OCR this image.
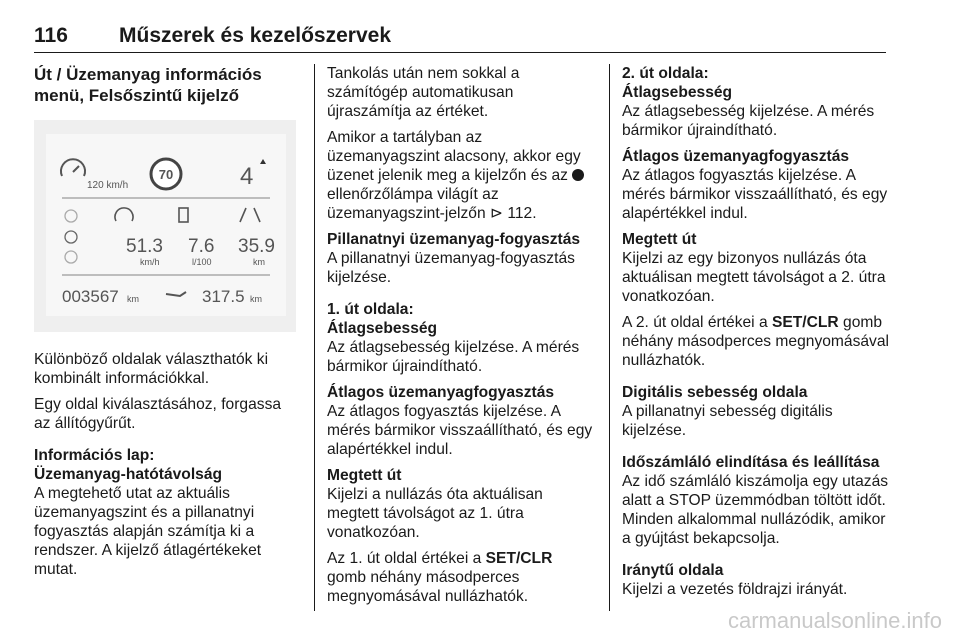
116 Műszerek és kezelőszervek
Út / Üzemanyag információs
menü, Felsőszintű kijelző
120 km/h
70	4
51.3
km/h
7.6
l/100
35.9
km
003567 km	317.5 km

Különböző oldalak választhatók ki kombinált információkkal.

Egy oldal kiválasztásához, forgassa az állítógyűrűt.

Információs lap:

Üzemanyag-hatótávolság

A megtehető utat az aktuális üzemanyagszint és a pillanatnyi fogyasztás alapján számítja ki a rendszer. A kijelző átlagértékeket mutat.

Tankolás után nem sokkal a számítógép automatikusan újraszámítja az értéket.

Amikor a tartályban az üzemanyagszint alacsony, akkor egy üzenet jelenik meg a kijelzőn és az  ellenőrzőlámpa világít az üzemanyagszint-jelzőn ⊳ 112.

Pillanatnyi üzemanyag-fogyasztás

A pillanatnyi üzemanyag-fogyasztás kijelzése.

1. út oldala:

Átlagsebesség

Az átlagsebesség kijelzése. A mérés bármikor újraindítható.

Átlagos üzemanyagfogyasztás

Az átlagos fogyasztás kijelzése. A mérés bármikor visszaállítható, és egy alapértékkel indul.

Megtett út

Kijelzi a nullázás óta aktuálisan megtett távolságot az 1. útra vonatkozóan.

Az 1. út oldal értékei a SET/CLR gomb néhány másodperces megnyomásával nullázhatók.

2. út oldala:

Átlagsebesség

Az átlagsebesség kijelzése. A mérés bármikor újraindítható.

Átlagos üzemanyagfogyasztás

Az átlagos fogyasztás kijelzése. A mérés bármikor visszaállítható, és egy alapértékkel indul.

Megtett út

Kijelzi az egy bizonyos nullázás óta aktuálisan megtett távolságot a 2. útra vonatkozóan.

A 2. út oldal értékei a SET/CLR gomb néhány másodperces megnyomásával nullázhatók.

Digitális sebesség oldala

A pillanatnyi sebesség digitális kijelzése.

Időszámláló elindítása és leállítása

Az idő számláló kiszámolja egy utazás alatt a STOP üzemmódban töltött időt. Minden alkalommal nullázódik, amikor a gyújtást bekapcsolja.

Iránytű oldala

Kijelzi a vezetés földrajzi irányát.

carmanualsonline.info
